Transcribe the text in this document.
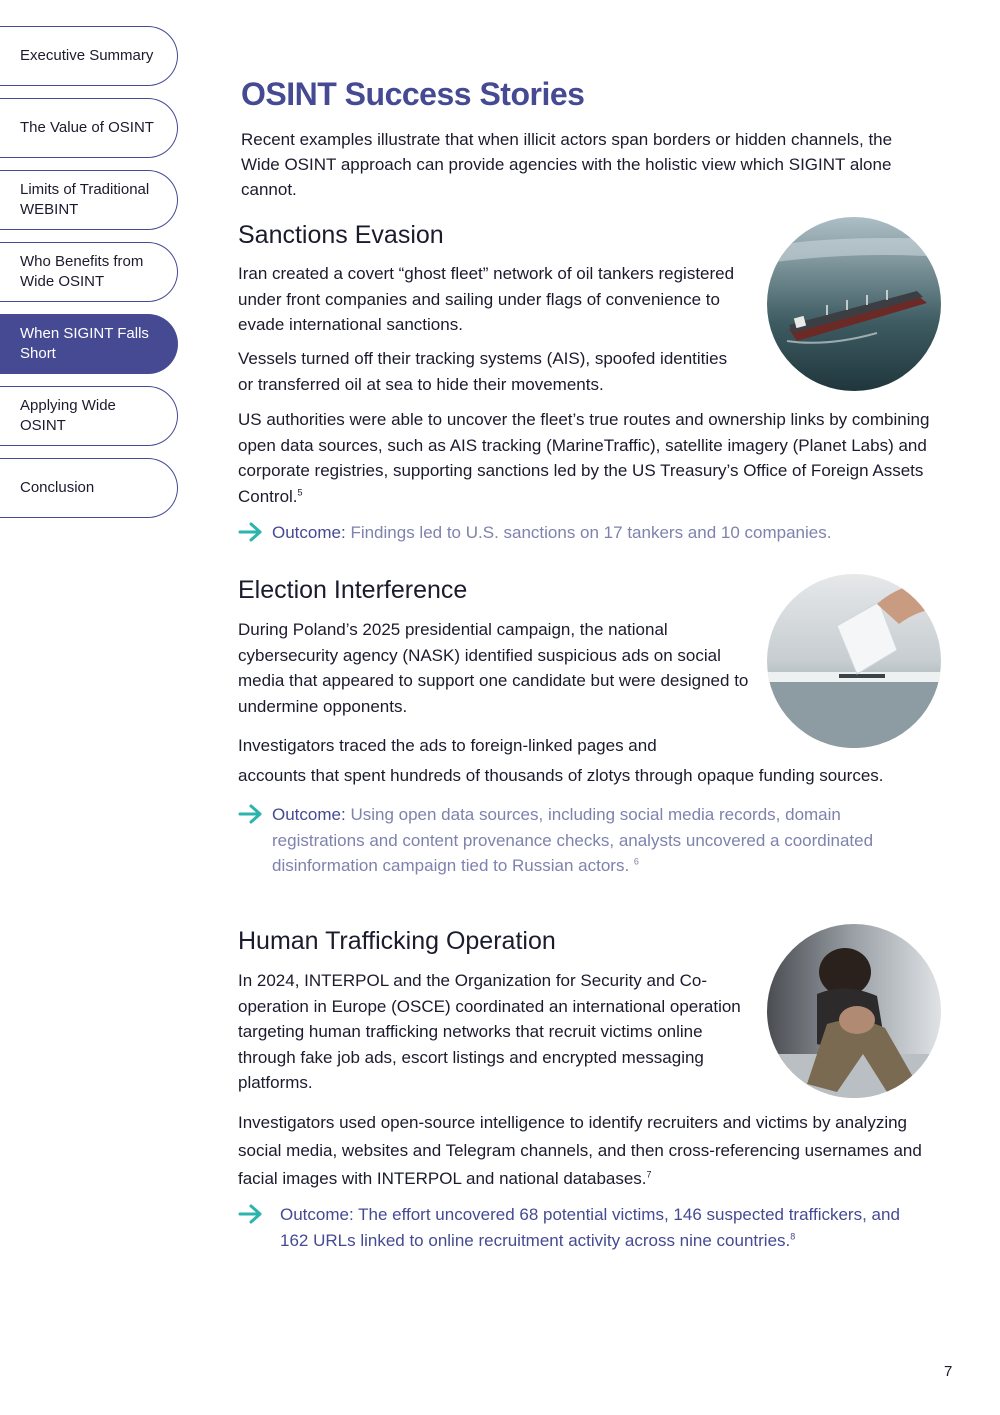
Executive Summary
The Value of OSINT
Limits of Traditional WEBINT
Who Benefits from Wide OSINT
When SIGINT Falls Short
Applying Wide OSINT
Conclusion
OSINT Success Stories

Recent examples illustrate that when illicit actors span borders or hidden channels, the Wide OSINT approach can provide agencies with the holistic view which SIGINT alone cannot.

Sanctions Evasion

Iran created a covert “ghost fleet” network of oil tankers registered under front companies and sailing under flags of convenience to evade international sanctions.

Vessels turned off their tracking systems (AIS), spoofed identities or transferred oil at sea to hide their movements.

US authorities were able to uncover the fleet’s true routes and ownership links by combining open data sources, such as AIS tracking (MarineTraffic), satellite imagery (Planet Labs) and corporate registries, supporting sanctions led by the US Treasury’s Office of Foreign Assets Control.$^5$

Outcome: Findings led to U.S. sanctions on 17 tankers and 10 companies.
Election Interference

During Poland’s 2025 presidential campaign, the national cybersecurity agency (NASK) identified suspicious ads on social media that appeared to support one candidate but were designed to undermine opponents.

Investigators traced the ads to foreign-linked pages and

accounts that spent hundreds of thousands of zlotys through opaque funding sources.

Outcome: Using open data sources, including social media records, domain registrations and content provenance checks, analysts uncovered a coordinated disinformation campaign tied to Russian actors. $^6$
Human Trafficking Operation

In 2024, INTERPOL and the Organization for Security and Co-operation in Europe (OSCE) coordinated an international operation targeting human trafficking networks that recruit victims online through fake job ads, escort listings and encrypted messaging platforms.

Investigators used open-source intelligence to identify recruiters and victims by analyzing social media, websites and Telegram channels, and then cross-referencing usernames and facial images with INTERPOL and national databases.$^7$

Outcome: The effort uncovered 68 potential victims, 146 suspected traffickers, and 162 URLs linked to online recruitment activity across nine countries.$^8$
7
